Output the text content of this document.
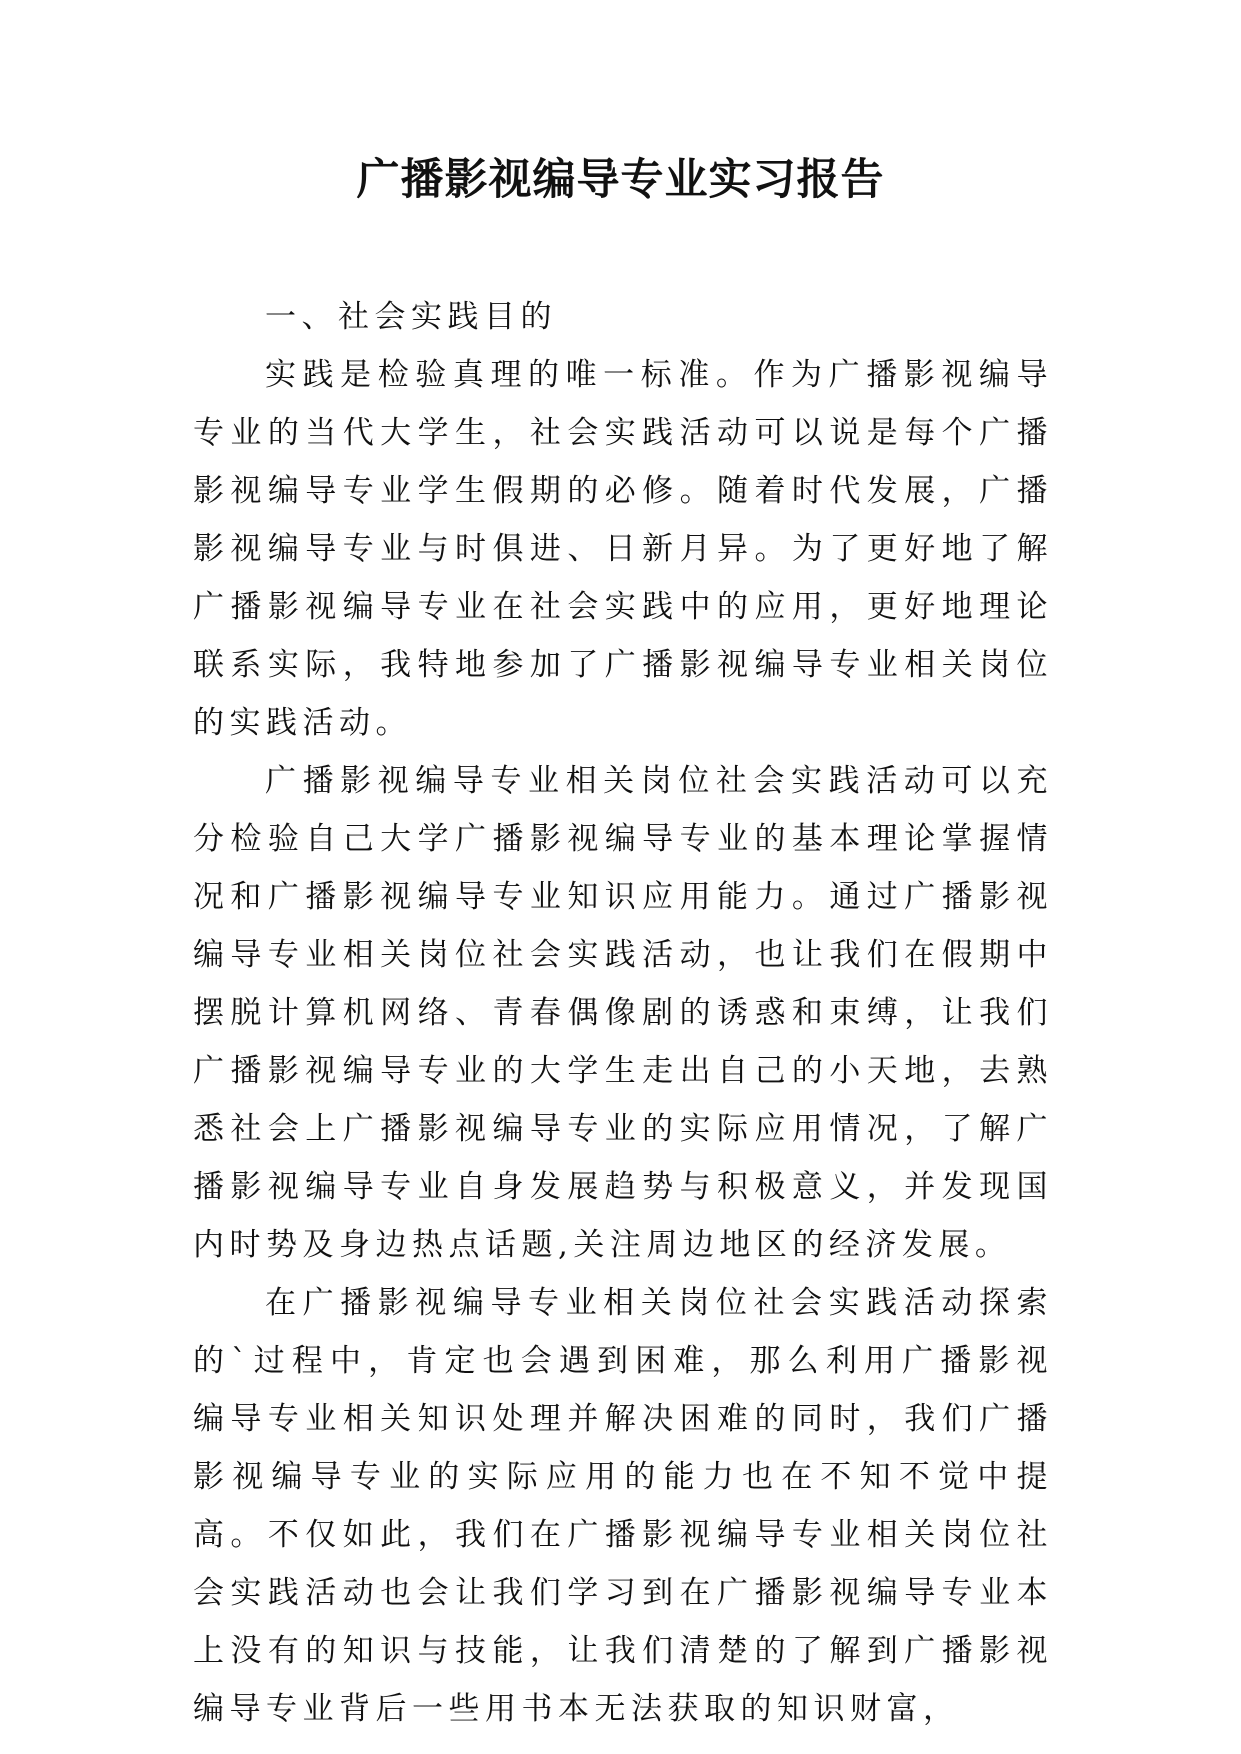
广播影视编导专业实习报告

一、社会实践目的

实践是检验真理的唯一标准。作为广播影视编导专业的当代大学生，社会实践活动可以说是每个广播影视编导专业学生假期的必修。随着时代发展，广播影视编导专业与时俱进、日新月异。为了更好地了解广播影视编导专业在社会实践中的应用，更好地理论联系实际，我特地参加了广播影视编导专业相关岗位的实践活动。

广播影视编导专业相关岗位社会实践活动可以充分检验自己大学广播影视编导专业的基本理论掌握情况和广播影视编导专业知识应用能力。通过广播影视编导专业相关岗位社会实践活动，也让我们在假期中摆脱计算机网络、青春偶像剧的诱惑和束缚，让我们广播影视编导专业的大学生走出自己的小天地，去熟悉社会上广播影视编导专业的实际应用情况，了解广播影视编导专业自身发展趋势与积极意义，并发现国内时势及身边热点话题,关注周边地区的经济发展。

在广播影视编导专业相关岗位社会实践活动探索的`过程中，肯定也会遇到困难，那么利用广播影视编导专业相关知识处理并解决困难的同时，我们广播影视编导专业的实际应用的能力也在不知不觉中提高。不仅如此，我们在广播影视编导专业相关岗位社会实践活动也会让我们学习到在广播影视编导专业本上没有的知识与技能，让我们清楚的了解到广播影视编导专业背后一些用书本无法获取的知识财富，
